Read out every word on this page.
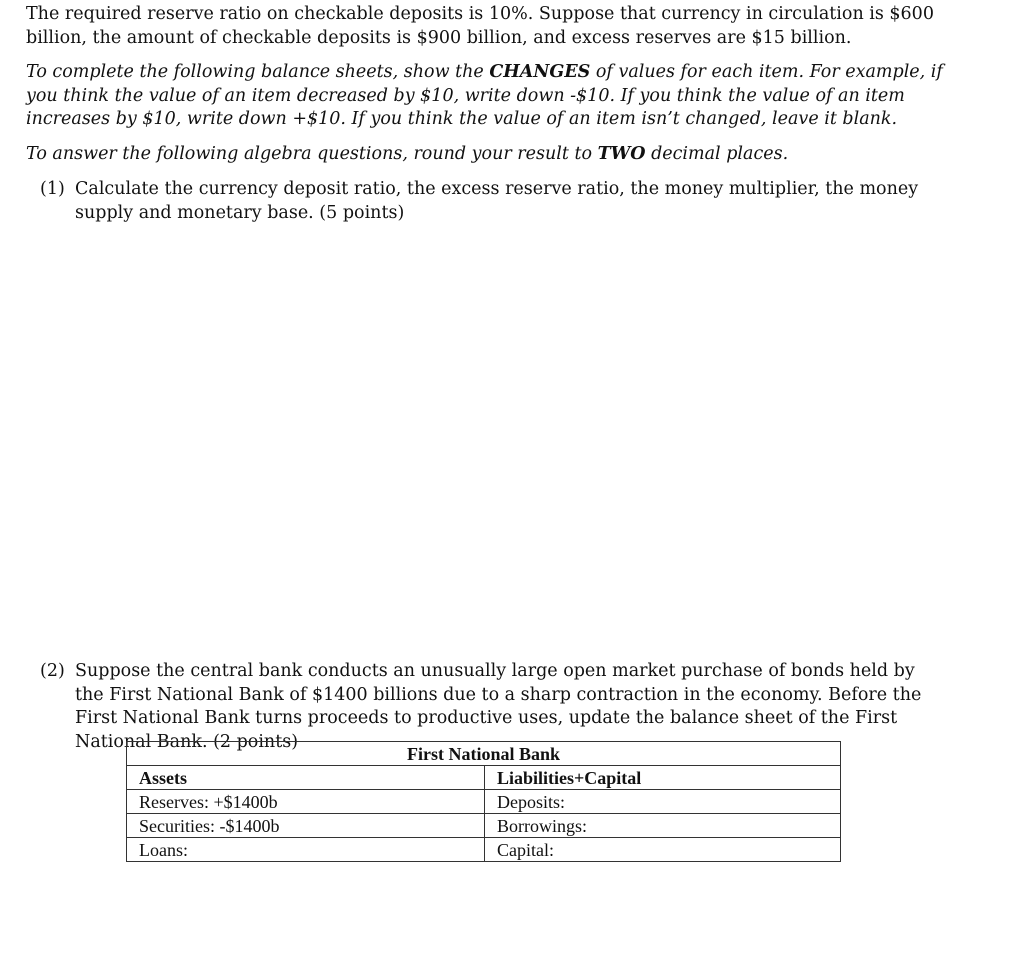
The required reserve ratio on checkable deposits is 10%. Suppose that currency in circulation is $600 billion, the amount of checkable deposits is $900 billion, and excess reserves are $15 billion.

To complete the following balance sheets, show the CHANGES of values for each item. For example, if you think the value of an item decreased by $10, write down -$10. If you think the value of an item increases by $10, write down +$10. If you think the value of an item isn’t changed, leave it blank.

To answer the following algebra questions, round your result to TWO decimal places.

(1) Calculate the currency deposit ratio, the excess reserve ratio, the money multiplier, the money supply and monetary base. (5 points)
(2) Suppose the central bank conducts an unusually large open market purchase of bonds held by the First National Bank of $1400 billions due to a sharp contraction in the economy. Before the First National Bank turns proceeds to productive uses, update the balance sheet of the First National Bank. (2 points)
First National Bank	
Assets	Liabilities+Capital
Reserves: +$1400b	Deposits:
Securities: -$1400b	Borrowings:
Loans:	Capital:
